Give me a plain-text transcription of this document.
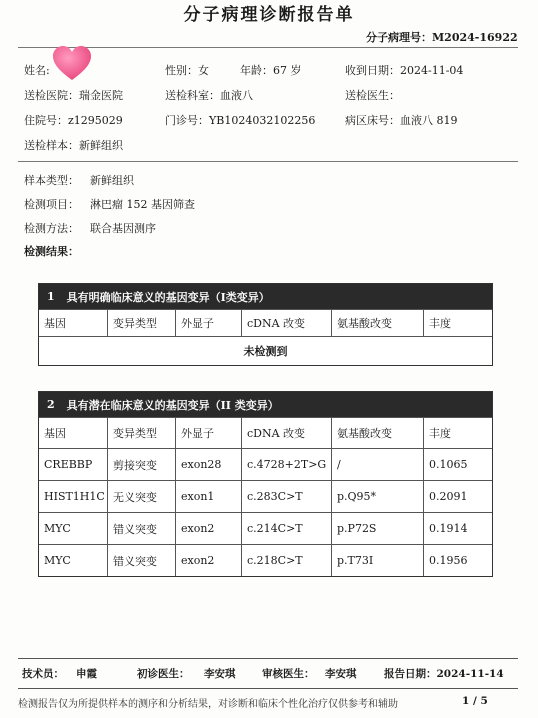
分子病理诊断报告单
分子病理号：M2024-16922
姓名:	性别：女	年龄：67 岁	收到日期：2024-11-04
送检医院：瑞金医院	送检科室：血液八	送检医生：
住院号：z1295029	门诊号：YB1024032102256	病区床号：血液八 819
送检样本：新鲜组织
样本类型： 新鲜组织
检测项目： 淋巴瘤 152 基因筛查
检测方法： 联合基因测序
检测结果：
1 具有明确临床意义的基因变异（I类变异）
基因	变异类型	外显子	cDNA 改变	氨基酸改变	丰度
未检测到
2 具有潜在临床意义的基因变异（II 类变异）
基因	变异类型	外显子	cDNA 改变	氨基酸改变	丰度
CREBBP	剪接突变	exon28	c.4728+2T>G /	0.1065
HIST1H1C 无义突变	exon1	c.283C>T	p.Q95*	0.2091
MYC	错义突变	exon2	c.214C>T	p.P72S	0.1914
MYC	错义突变	exon2	c.218C>T	p.T73I	0.1956
技术员： 申霞	初诊医生： 李安琪	审核医生： 李安琪	报告日期：2024-11-14
检测报告仅为所提供样本的测序和分析结果，对诊断和临床个性化治疗仅供参考和辅助	1 / 5
